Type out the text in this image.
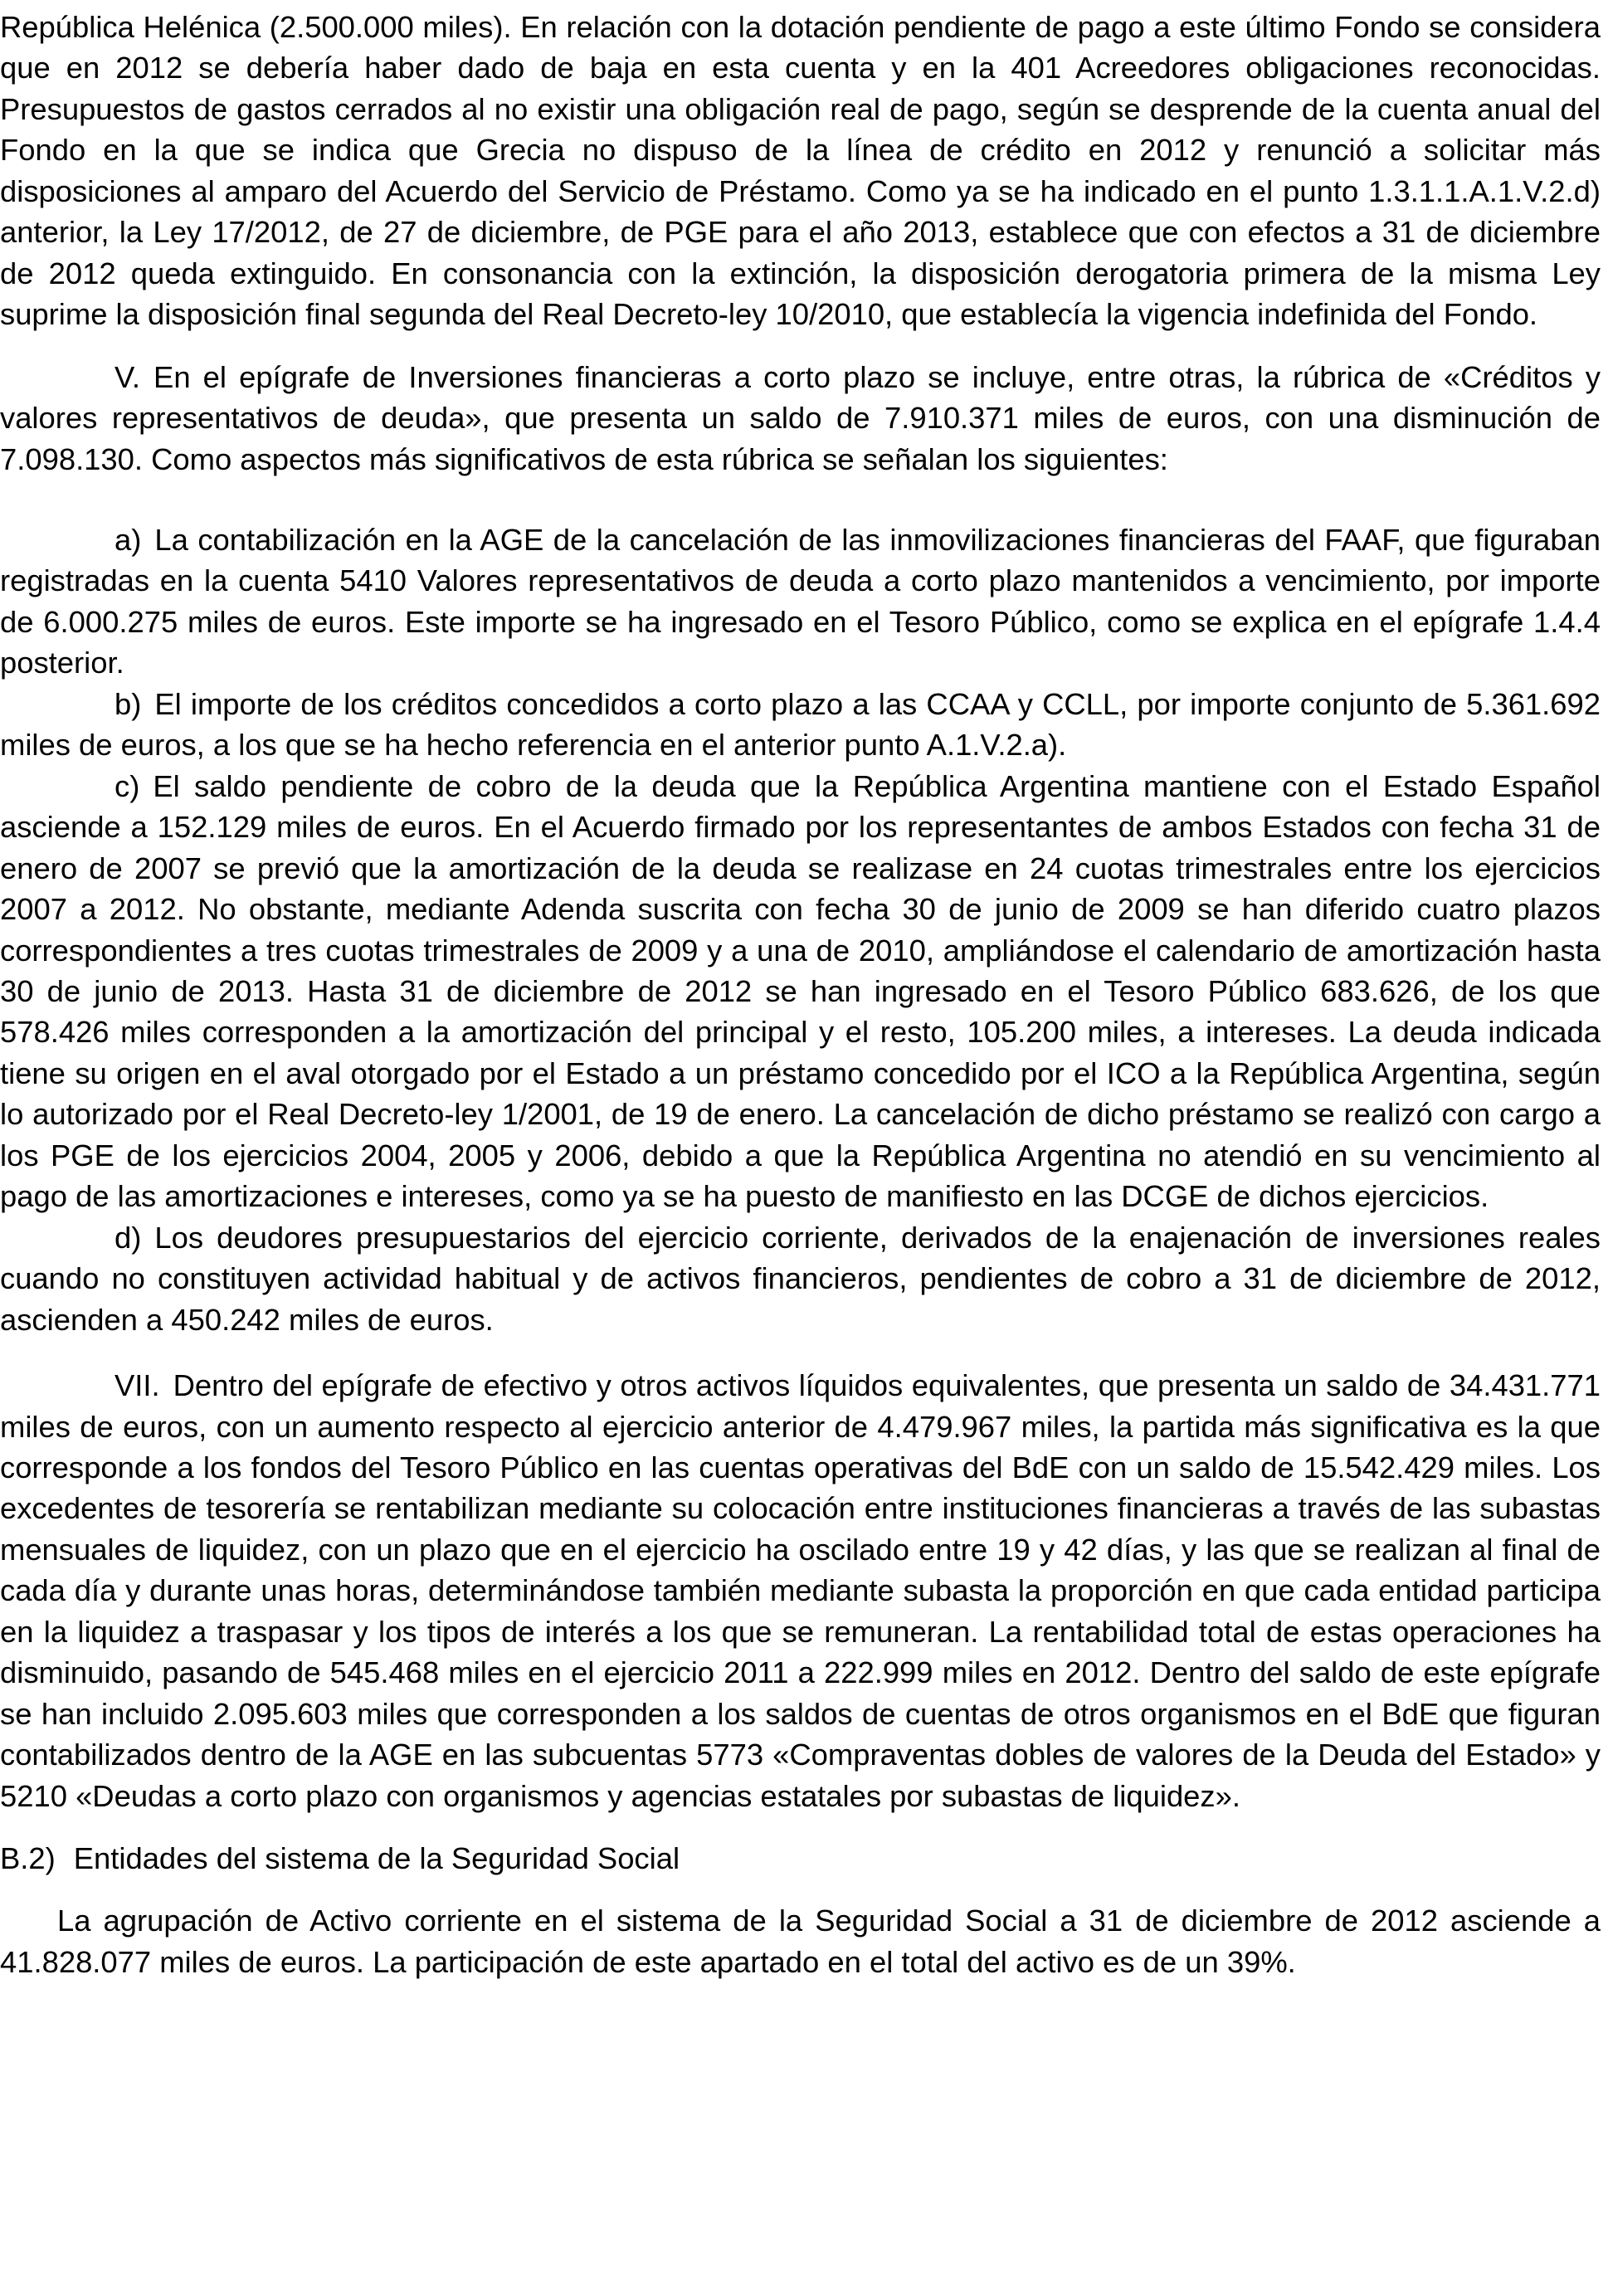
República Helénica (2.500.000 miles). En relación con la dotación pendiente de pago a este último Fondo se considera que en 2012 se debería haber dado de baja en esta cuenta y en la 401 Acreedores obligaciones reconocidas. Presupuestos de gastos cerrados al no existir una obligación real de pago, según se desprende de la cuenta anual del Fondo en la que se indica que Grecia no dispuso de la línea de crédito en 2012 y renunció a solicitar más disposiciones al amparo del Acuerdo del Servicio de Préstamo. Como ya se ha indicado en el punto 1.3.1.1.A.1.V.2.d) anterior, la Ley 17/2012, de 27 de diciembre, de PGE para el año 2013, establece que con efectos a 31 de diciembre de 2012 queda extinguido. En consonancia con la extinción, la disposición derogatoria primera de la misma Ley suprime la disposición final segunda del Real Decreto-ley 10/2010, que establecía la vigencia indefinida del Fondo.

V. En el epígrafe de Inversiones financieras a corto plazo se incluye, entre otras, la rúbrica de «Créditos y valores representativos de deuda», que presenta un saldo de 7.910.371 miles de euros, con una disminución de 7.098.130. Como aspectos más significativos de esta rúbrica se señalan los siguientes:

a) La contabilización en la AGE de la cancelación de las inmovilizaciones financieras del FAAF, que figuraban registradas en la cuenta 5410 Valores representativos de deuda a corto plazo mantenidos a vencimiento, por importe de 6.000.275 miles de euros. Este importe se ha ingresado en el Tesoro Público, como se explica en el epígrafe 1.4.4 posterior.

b) El importe de los créditos concedidos a corto plazo a las CCAA y CCLL, por importe conjunto de 5.361.692 miles de euros, a los que se ha hecho referencia en el anterior punto A.1.V.2.a).

c) El saldo pendiente de cobro de la deuda que la República Argentina mantiene con el Estado Español asciende a 152.129 miles de euros. En el Acuerdo firmado por los representantes de ambos Estados con fecha 31 de enero de 2007 se previó que la amortización de la deuda se realizase en 24 cuotas trimestrales entre los ejercicios 2007 a 2012. No obstante, mediante Adenda suscrita con fecha 30 de junio de 2009 se han diferido cuatro plazos correspondientes a tres cuotas trimestrales de 2009 y a una de 2010, ampliándose el calendario de amortización hasta 30 de junio de 2013. Hasta 31 de diciembre de 2012 se han ingresado en el Tesoro Público 683.626, de los que 578.426 miles corresponden a la amortización del principal y el resto, 105.200 miles, a intereses. La deuda indicada tiene su origen en el aval otorgado por el Estado a un préstamo concedido por el ICO a la República Argentina, según lo autorizado por el Real Decreto-ley 1/2001, de 19 de enero. La cancelación de dicho préstamo se realizó con cargo a los PGE de los ejercicios 2004, 2005 y 2006, debido a que la República Argentina no atendió en su vencimiento al pago de las amortizaciones e intereses, como ya se ha puesto de manifiesto en las DCGE de dichos ejercicios.

d) Los deudores presupuestarios del ejercicio corriente, derivados de la enajenación de inversiones reales cuando no constituyen actividad habitual y de activos financieros, pendientes de cobro a 31 de diciembre de 2012, ascienden a 450.242 miles de euros.

VII. Dentro del epígrafe de efectivo y otros activos líquidos equivalentes, que presenta un saldo de 34.431.771 miles de euros, con un aumento respecto al ejercicio anterior de 4.479.967 miles, la partida más significativa es la que corresponde a los fondos del Tesoro Público en las cuentas operativas del BdE con un saldo de 15.542.429 miles. Los excedentes de tesorería se rentabilizan mediante su colocación entre instituciones financieras a través de las subastas mensuales de liquidez, con un plazo que en el ejercicio ha oscilado entre 19 y 42 días, y las que se realizan al final de cada día y durante unas horas, determinándose también mediante subasta la proporción en que cada entidad participa en la liquidez a traspasar y los tipos de interés a los que se remuneran. La rentabilidad total de estas operaciones ha disminuido, pasando de 545.468 miles en el ejercicio 2011 a 222.999 miles en 2012. Dentro del saldo de este epígrafe se han incluido 2.095.603 miles que corresponden a los saldos de cuentas de otros organismos en el BdE que figuran contabilizados dentro de la AGE en las subcuentas 5773 «Compraventas dobles de valores de la Deuda del Estado» y 5210 «Deudas a corto plazo con organismos y agencias estatales por subastas de liquidez».

B.2) Entidades del sistema de la Seguridad Social

La agrupación de Activo corriente en el sistema de la Seguridad Social a 31 de diciembre de 2012 asciende a 41.828.077 miles de euros. La participación de este apartado en el total del activo es de un 39%.
